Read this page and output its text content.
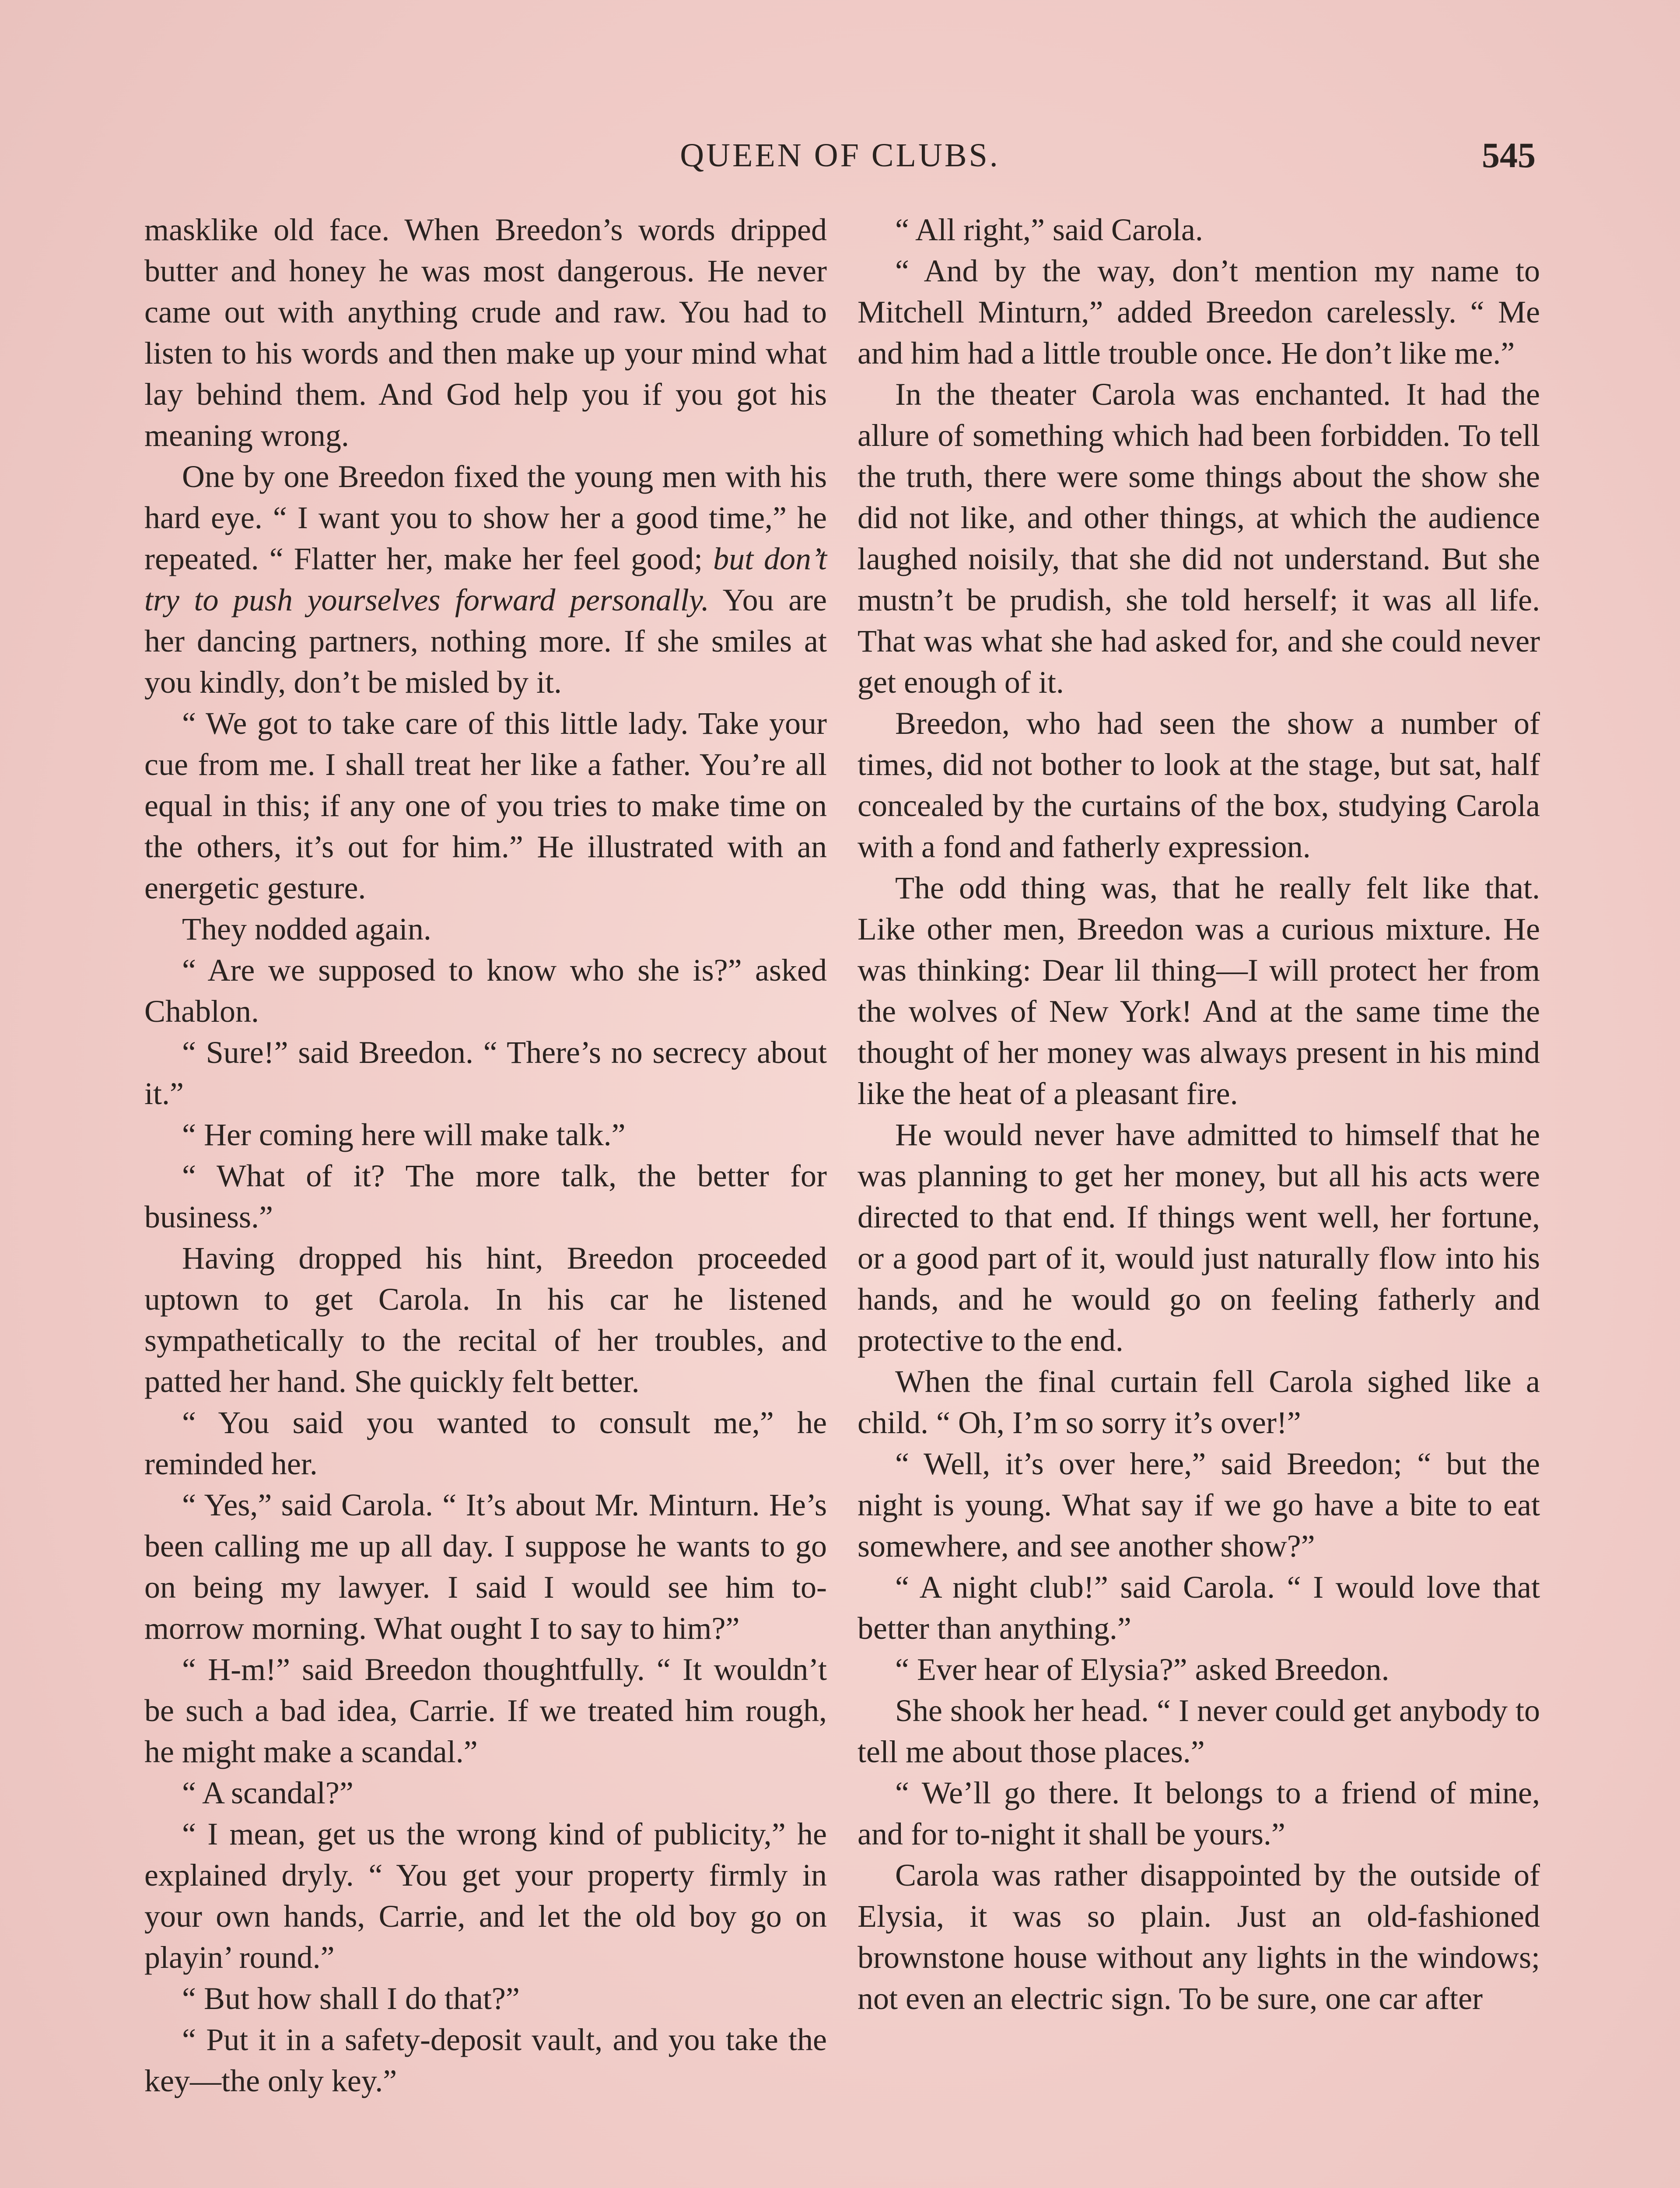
QUEEN OF CLUBS.	545

masklike old face. When Breedon’s words dripped butter and honey he was most dangerous. He never came out with anything crude and raw. You had to listen to his words and then make up your mind what lay behind them. And God help you if you got his meaning wrong.

One by one Breedon fixed the young men with his hard eye. “ I want you to show her a good time,” he repeated. “ Flatter her, make her feel good; but don’t try to push yourselves forward personally. You are her dancing partners, nothing more. If she smiles at you kindly, don’t be misled by it.

“ We got to take care of this little lady. Take your cue from me. I shall treat her like a father. You’re all equal in this; if any one of you tries to make time on the others, it’s out for him.” He illustrated with an energetic gesture.

They nodded again.

“ Are we supposed to know who she is?” asked Chablon.

“ Sure!” said Breedon. “ There’s no secrecy about it.”

“ Her coming here will make talk.”

“ What of it? The more talk, the better for business.”

Having dropped his hint, Breedon proceeded uptown to get Carola. In his car he listened sympathetically to the recital of her troubles, and patted her hand. She quickly felt better.

“ You said you wanted to consult me,” he reminded her.

“ Yes,” said Carola. “ It’s about Mr. Minturn. He’s been calling me up all day. I suppose he wants to go on being my lawyer. I said I would see him to-morrow morning. What ought I to say to him?”

“ H-m!” said Breedon thoughtfully. “ It wouldn’t be such a bad idea, Carrie. If we treated him rough, he might make a scandal.”

“ A scandal?”

“ I mean, get us the wrong kind of publicity,” he explained dryly. “ You get your property firmly in your own hands, Carrie, and let the old boy go on playin’ round.”

“ But how shall I do that?”

“ Put it in a safety-deposit vault, and you take the key—the only key.”

“ All right,” said Carola.

“ And by the way, don’t mention my name to Mitchell Minturn,” added Breedon carelessly. “ Me and him had a little trouble once. He don’t like me.”

In the theater Carola was enchanted. It had the allure of something which had been forbidden. To tell the truth, there were some things about the show she did not like, and other things, at which the audience laughed noisily, that she did not understand. But she mustn’t be prudish, she told herself; it was all life. That was what she had asked for, and she could never get enough of it.

Breedon, who had seen the show a number of times, did not bother to look at the stage, but sat, half concealed by the curtains of the box, studying Carola with a fond and fatherly expression.

The odd thing was, that he really felt like that. Like other men, Breedon was a curious mixture. He was thinking: Dear lil thing—I will protect her from the wolves of New York! And at the same time the thought of her money was always present in his mind like the heat of a pleasant fire.

He would never have admitted to himself that he was planning to get her money, but all his acts were directed to that end. If things went well, her fortune, or a good part of it, would just naturally flow into his hands, and he would go on feeling fatherly and protective to the end.

When the final curtain fell Carola sighed like a child. “ Oh, I’m so sorry it’s over!”

“ Well, it’s over here,” said Breedon; “ but the night is young. What say if we go have a bite to eat somewhere, and see another show?”

“ A night club!” said Carola. “ I would love that better than anything.”

“ Ever hear of Elysia?” asked Breedon.

She shook her head. “ I never could get anybody to tell me about those places.”

“ We’ll go there. It belongs to a friend of mine, and for to-night it shall be yours.”

Carola was rather disappointed by the outside of Elysia, it was so plain. Just an old-fashioned brownstone house without any lights in the windows; not even an electric sign. To be sure, one car after
